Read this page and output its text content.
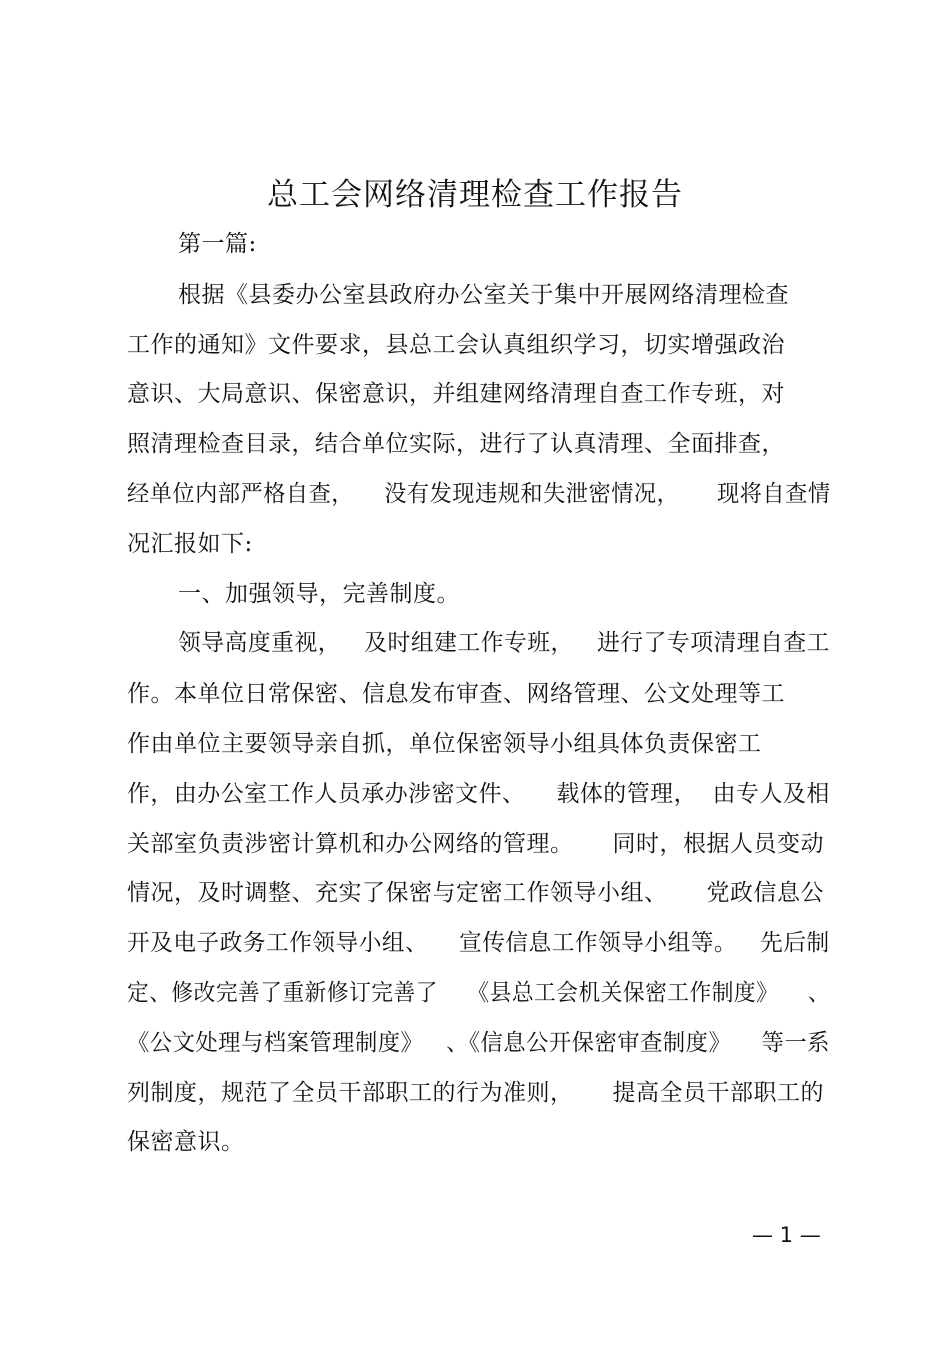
总工会网络清理检查工作报告
第一篇:
根据《县委办公室县政府办公室关于集中开展网络清理检查
工作的通知》文件要求，县总工会认真组织学习，切实增强政治
意识、大局意识、保密意识，并组建网络清理自查工作专班，对
照清理检查目录，结合单位实际，进行了认真清理、全面排查，
经单位内部严格自查，    没有发现违规和失泄密情况，     现将自查情
况汇报如下:
一、加强领导，完善制度。
领导高度重视，   及时组建工作专班，   进行了专项清理自查工
作。本单位日常保密、信息发布审查、网络管理、公文处理等工
作由单位主要领导亲自抓，单位保密领导小组具体负责保密工
作，由办公室工作人员承办涉密文件、    载体的管理，  由专人及相
关部室负责涉密计算机和办公网络的管理。     同时，根据人员变动
情况，及时调整、充实了保密与定密工作领导小组、     党政信息公
开及电子政务工作领导小组、    宣传信息工作领导小组等。   先后制
定、修改完善了重新修订完善了    《县总工会机关保密工作制度》    、
《公文处理与档案管理制度》   、《信息公开保密审查制度》    等一系
列制度，规范了全员干部职工的行为准则，     提高全员干部职工的
保密意识。
— 1 —
